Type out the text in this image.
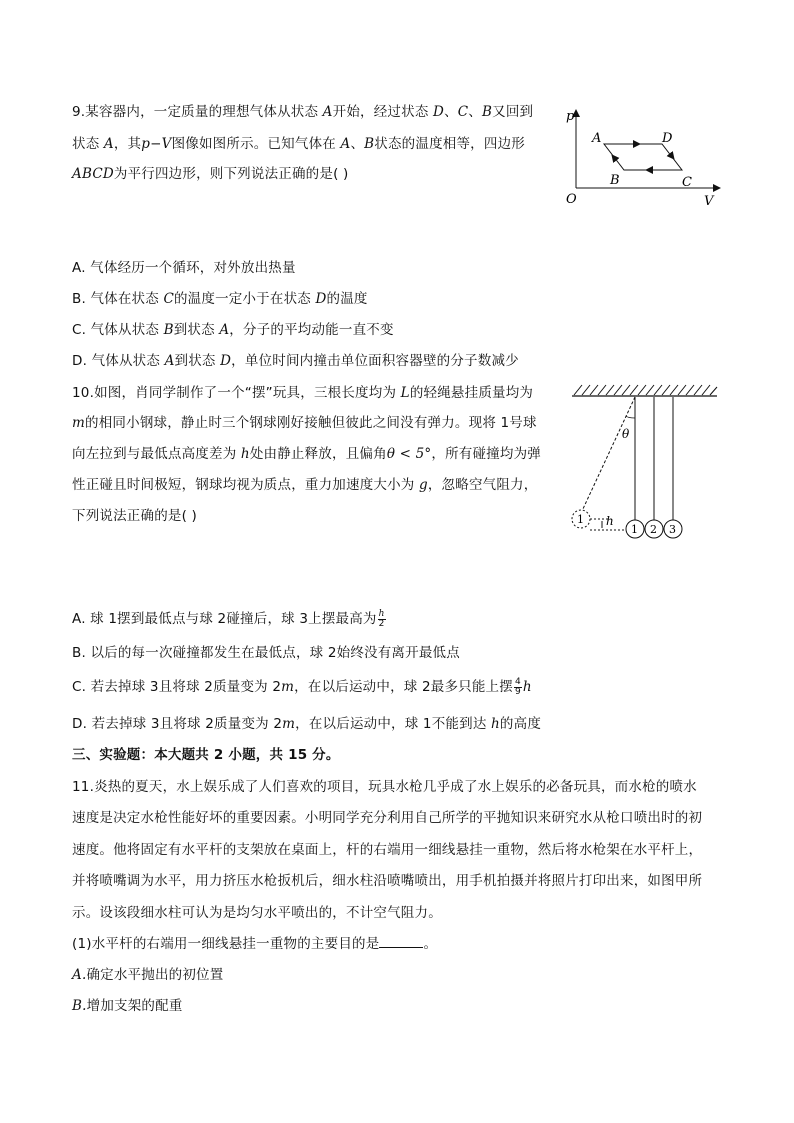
9.某容器内，一定质量的理想气体从状态 A开始，经过状态 D、C、B又回到
状态 A，其p−V图像如图所示。已知气体在 A、B状态的温度相等，四边形
ABCD为平行四边形，则下列说法正确的是( )
p
V
O
A	D
B	C
A. 气体经历一个循环，对外放出热量
B. 气体在状态 C的温度一定小于在状态 D的温度
C. 气体从状态 B到状态 A，分子的平均动能一直不变
D. 气体从状态 A到状态 D，单位时间内撞击单位面积容器壁的分子数减少
10.如图，肖同学制作了一个“摆”玩具，三根长度均为 L的轻绳悬挂质量均为
m的相同小钢球，静止时三个钢球刚好接触但彼此之间没有弹力。现将 1号球
向左拉到与最低点高度差为 h处由静止释放，且偏角θ < 5°，所有碰撞均为弹
性正碰且时间极短，钢球均视为质点，重力加速度大小为 g，忽略空气阻力，
下列说法正确的是( )
θ
1 h
1 2 3
A. 球 1摆到最低点与球 2碰撞后，球 3上摆最高为 $\frac{h}{2}$
B. 以后的每一次碰撞都发生在最低点，球 2始终没有离开最低点
C. 若去掉球 3且将球 2质量变为 2m，在以后运动中，球 2最多只能上摆 $\frac{4}{9}$ h
D. 若去掉球 3且将球 2质量变为 2m，在以后运动中，球 1不能到达 h的高度
三、实验题：本大题共 2 小题，共 15 分。
11.炎热的夏天，水上娱乐成了人们喜欢的项目，玩具水枪几乎成了水上娱乐的必备玩具，而水枪的喷水
速度是决定水枪性能好坏的重要因素。小明同学充分利用自己所学的平抛知识来研究水从枪口喷出时的初
速度。他将固定有水平杆的支架放在桌面上，杆的右端用一细线悬挂一重物，然后将水枪架在水平杆上，
并将喷嘴调为水平，用力挤压水枪扳机后，细水柱沿喷嘴喷出，用手机拍摄并将照片打印出来，如图甲所
示。设该段细水柱可认为是均匀水平喷出的，不计空气阻力。
(1)水平杆的右端用一细线悬挂一重物的主要目的是	。
A.确定水平抛出的初位置
B.增加支架的配重
